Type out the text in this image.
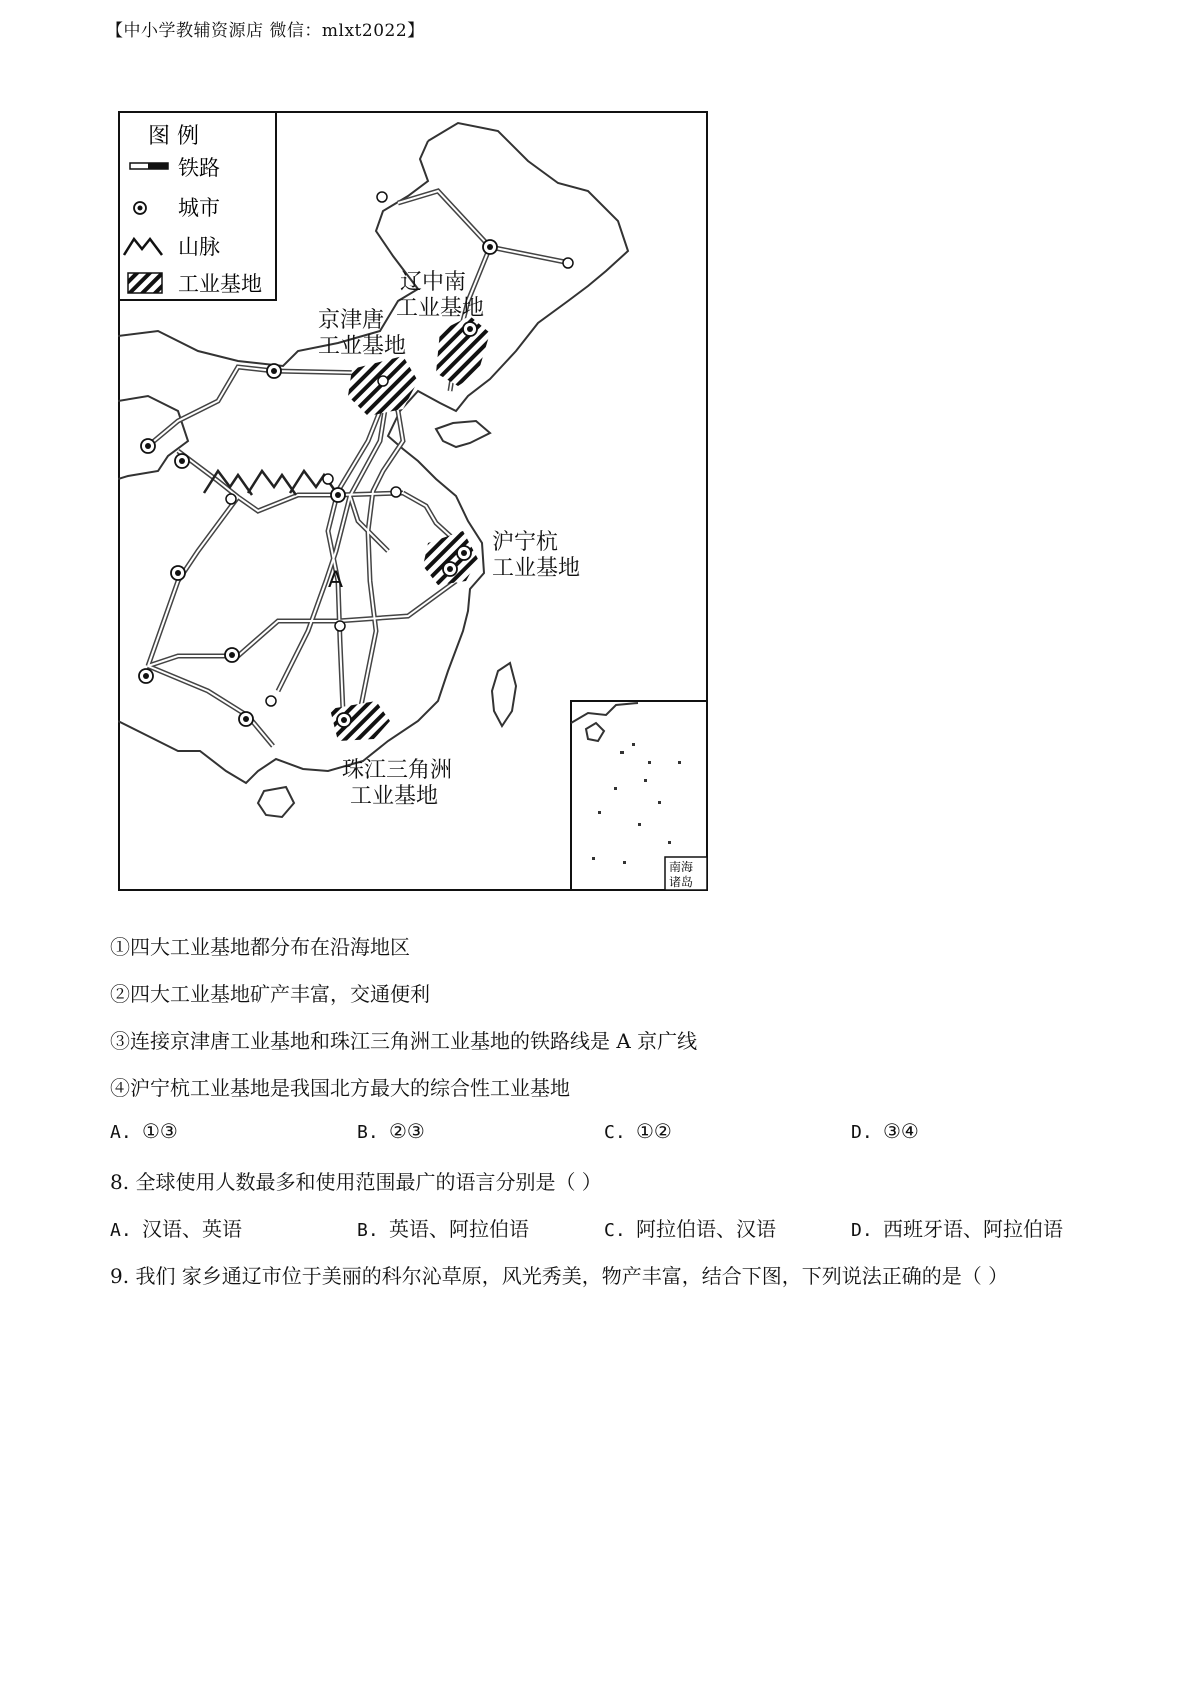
【中小学教辅资源店 微信：mlxt2022】
图 例
铁路
城市
山脉
工业基地	辽中南
工业基地
京津唐
工业基地
沪宁杭
工业基地
珠江三角洲
工业基地
A
南海
诸岛
①四大工业基地都分布在沿海地区
②四大工业基地矿产丰富，交通便利
③连接京津唐工业基地和珠江三角洲工业基地的铁路线是 A 京广线
④沪宁杭工业基地是我国北方最大的综合性工业基地
A. ①③	B. ②③	C. ①②	D. ③④
8. 全球使用人数最多和使用范围最广的语言分别是（ ）
A. 汉语、英语	B. 英语、阿拉伯语	C. 阿拉伯语、汉语	D. 西班牙语、阿拉伯语
9. 我们 家乡通辽市位于美丽的科尔沁草原，风光秀美，物产丰富，结合下图，下列说法正确的是（ ）
